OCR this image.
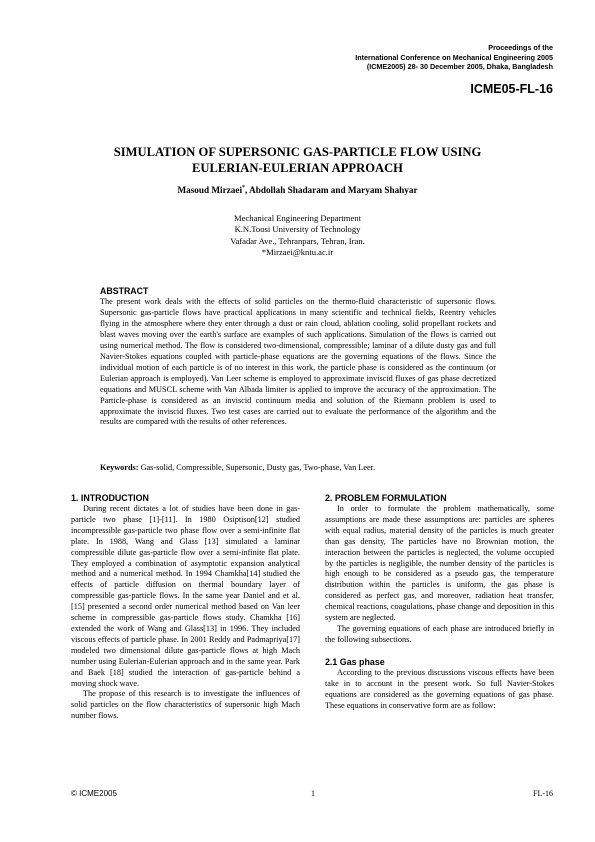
Proceedings of the
International Conference on Mechanical Engineering 2005
(ICME2005) 28- 30 December 2005, Dhaka, Bangladesh
ICME05-FL-16
SIMULATION OF SUPERSONIC GAS-PARTICLE FLOW USING
EULERIAN-EULERIAN APPROACH
Masoud Mirzaei*, Abdollah Shadaram and Maryam Shahyar
Mechanical Engineering Department
K.N.Toosi University of Technology
Vafadar Ave., Tehranpars, Tehran, Iran.
*Mirzaei@kntu.ac.ir
ABSTRACT
The present work deals with the effects of solid particles on the thermo-fluid characteristic of supersonic flows. Supersonic gas-particle flows have practical applications in many scientific and technical fields, Reentry vehicles flying in the atmosphere where they enter through a dust or rain cloud, ablation cooling, solid propellant rockets and blast waves moving over the earth's surface are examples of such applications. Simulation of the flows is carried out using numerical method. The flow is considered two-dimensional, compressible; laminar of a dilute dusty gas and full Navier-Stokes equations coupled with particle-phase equations are the governing equations of the flows. Since the individual motion of each particle is of no interest in this work, the particle phase is considered as the continuum (or Eulerian approach is employed). Van Leer scheme is employed to approximate inviscid fluxes of gas phase decretized equations and MUSCL scheme with Van Albada limiter is applied to improve the accuracy of the approximation. The Particle-phase is considered as an inviscid continuum media and solution of the Riemann problem is used to approximate the inviscid fluxes. Two test cases are carried out to evaluate the performance of the algorithm and the results are compared with the results of other references.
Keywords: Gas-solid, Compressible, Supersonic, Dusty gas, Two-phase, Van Leer.
1. INTRODUCTION

During recent dictates a lot of studies have been done in gas-particle two phase [1]-[11]. In 1980 Osiptison[12] studied incompressible gas-particle two phase flow over a semi-infinite flat plate. In 1988, Wang and Glass [13] simulated a laminar compressible dilute gas-particle flow over a semi-infinite flat plate. They employed a combination of asymptotic expansion analytical method and a numerical method. In 1994 Chamkha[14] studied the effects of particle diffusion on thermal boundary layer of compressible gas-particle flows. In the same year Daniel and et al.[15] presented a second order numerical method based on Van leer scheme in compressible gas-particle flows study. Chamkha [16] extended the work of Wang and Glass[13] in 1996. They included viscous effects of particle phase. In 2001 Reddy and Padmapriya[17] modeled two dimensional dilute gas-particle flows at high Mach number using Eulerian-Eulerian approach and in the same year. Park and Baek [18] studied the interaction of gas-particle behind a moving shock wave.

The propose of this research is to investigate the influences of solid particles on the flow characteristics of supersonic high Mach number flows.

2. PROBLEM FORMULATION

In order to formulate the problem mathematically, some assumptions are made these assumptions are: particles are spheres with equal radius, material density of the particles is much greater than gas density, The particles have no Brownian motion, the interaction between the particles is neglected, the volume occupied by the particles is negligible, the number density of the particles is high enough to be considered as a pseudo gas, the temperature distribution within the particles is uniform, the gas phase is considered as perfect gas, and moreover, radiation heat transfer, chemical reactions, coagulations, phase change and deposition in this system are neglected.

The governing equations of each phase are introduced briefly in the following subsections.

2.1 Gas phase

According to the previous discussions viscous effects have been take in to account in the present work. So full Navier-Stokes equations are considered as the governing equations of gas phase. These equations in conservative form are as follow:

© ICME2005	1	FL-16
